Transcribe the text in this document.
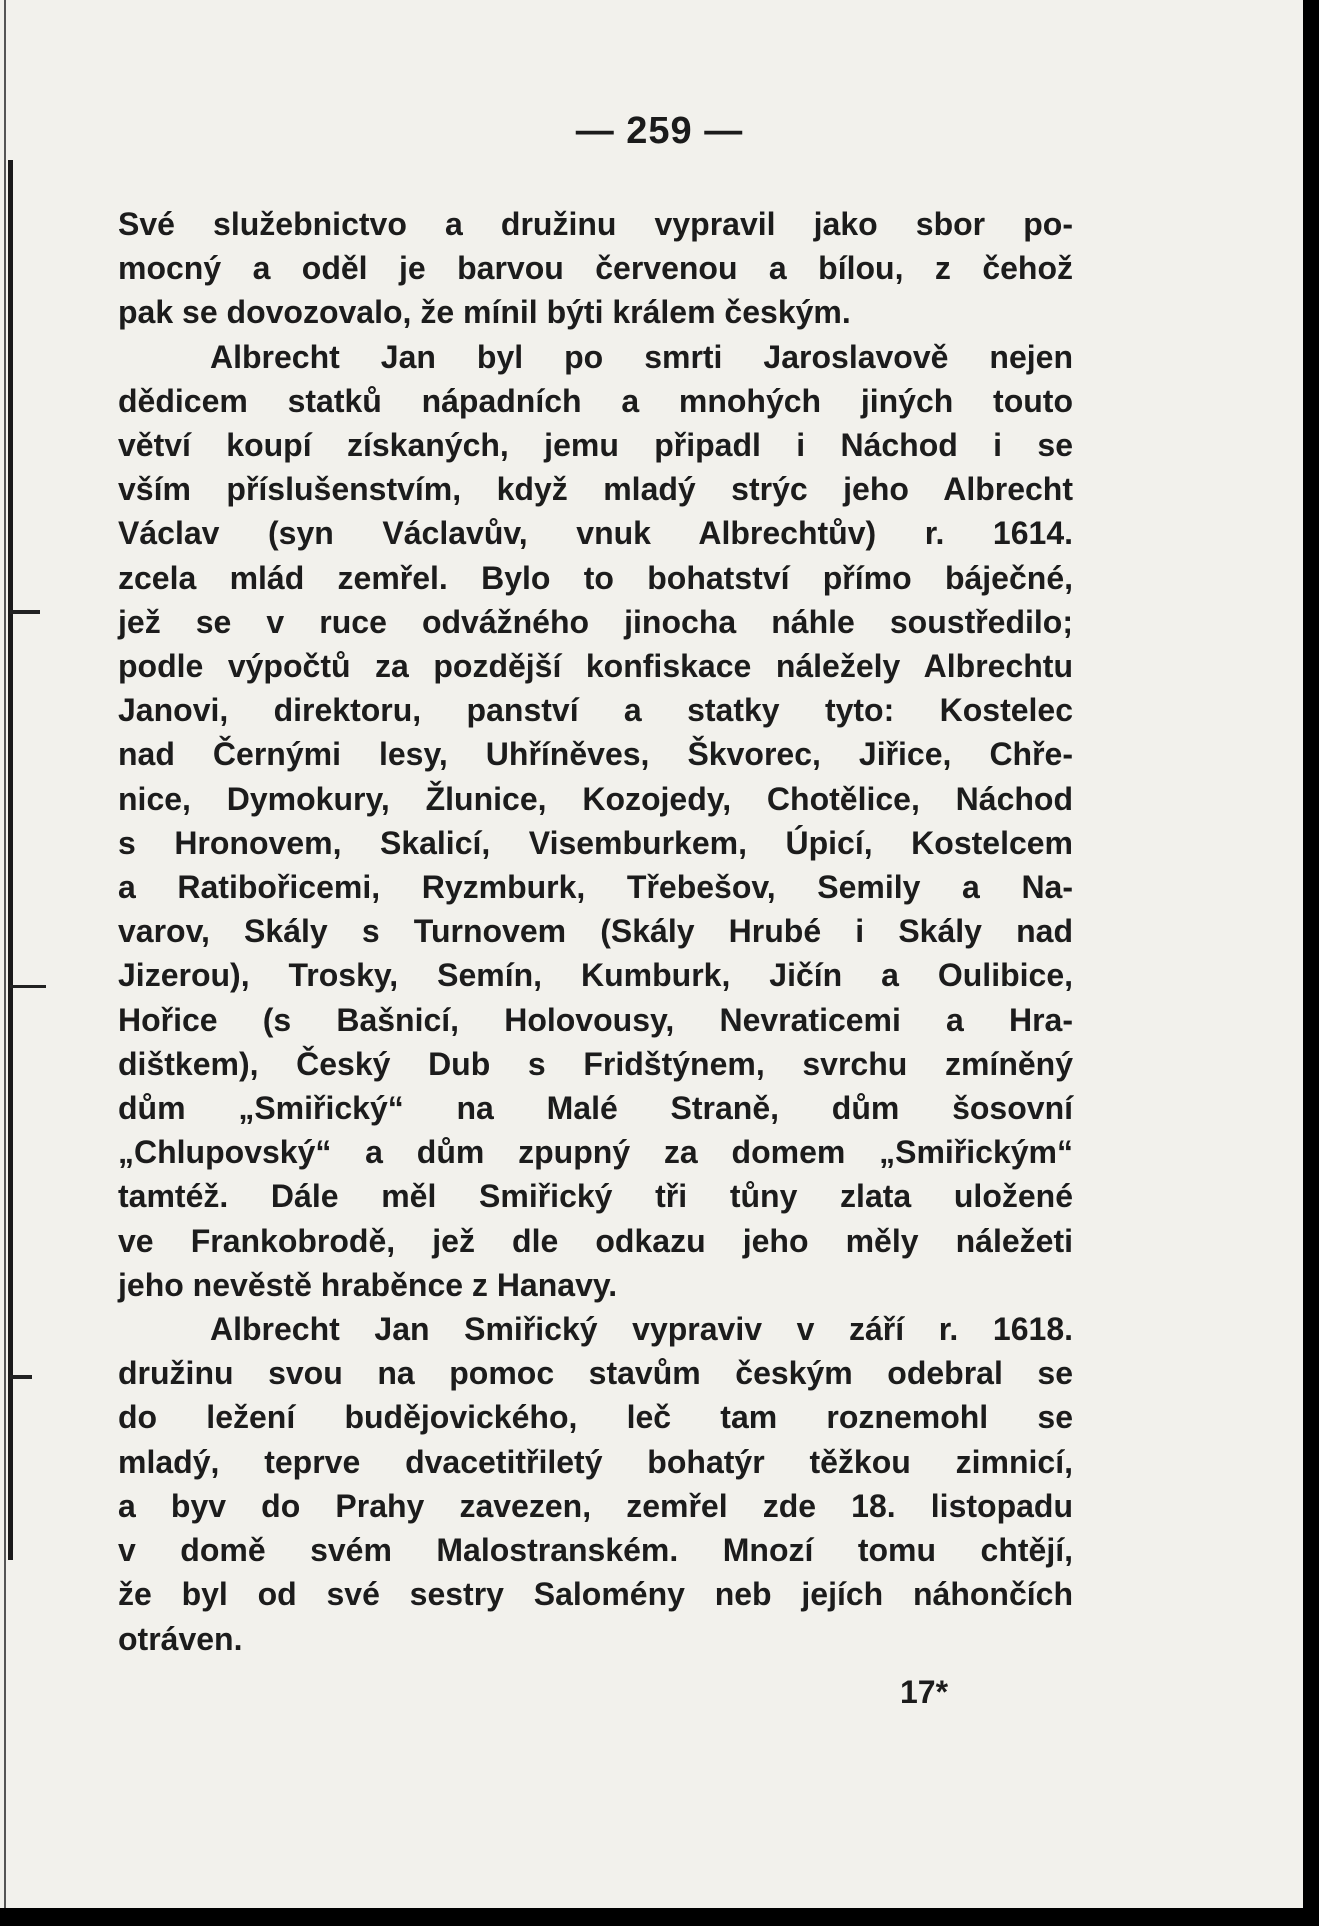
— 259 —
Své služebnictvo a družinu vypravil jako sbor po-
mocný a oděl je barvou červenou a bílou, z čehož
pak se dovozovalo, že mínil býti králem českým.
Albrecht Jan byl po smrti Jaroslavově nejen
dědicem statků nápadních a mnohých jiných touto
větví koupí získaných, jemu připadl i Náchod i se
vším příslušenstvím, když mladý strýc jeho Albrecht
Václav (syn Václavův, vnuk Albrechtův) r. 1614.
zcela mlád zemřel. Bylo to bohatství přímo báječné,
jež se v ruce odvážného jinocha náhle soustředilo;
podle výpočtů za pozdější konfiskace náležely Albrechtu
Janovi, direktoru, panství a statky tyto: Kostelec
nad Černými lesy, Uhříněves, Škvorec, Jiřice, Chře-
nice, Dymokury, Žlunice, Kozojedy, Chotělice, Náchod
s Hronovem, Skalicí, Visemburkem, Úpicí, Kostelcem
a Ratibořicemi, Ryzmburk, Třebešov, Semily a Na-
varov, Skály s Turnovem (Skály Hrubé i Skály nad
Jizerou), Trosky, Semín, Kumburk, Jičín a Oulibice,
Hořice (s Bašnicí, Holovousy, Nevraticemi a Hra-
dištkem), Český Dub s Fridštýnem, svrchu zmíněný
dům „Smiřický“ na Malé Straně, dům šosovní
„Chlupovský“ a dům zpupný za domem „Smiřickým“
tamtéž. Dále měl Smiřický tři tůny zlata uložené
ve Frankobrodě, jež dle odkazu jeho měly náležeti
jeho nevěstě hraběnce z Hanavy.
Albrecht Jan Smiřický vypraviv v září r. 1618.
družinu svou na pomoc stavům českým odebral se
do ležení budějovického, leč tam roznemohl se
mladý, teprve dvacetitřiletý bohatýr těžkou zimnicí,
a byv do Prahy zavezen, zemřel zde 18. listopadu
v domě svém Malostranském. Mnozí tomu chtějí,
že byl od své sestry Salomény neb jejích náhončích
otráven.
17*
